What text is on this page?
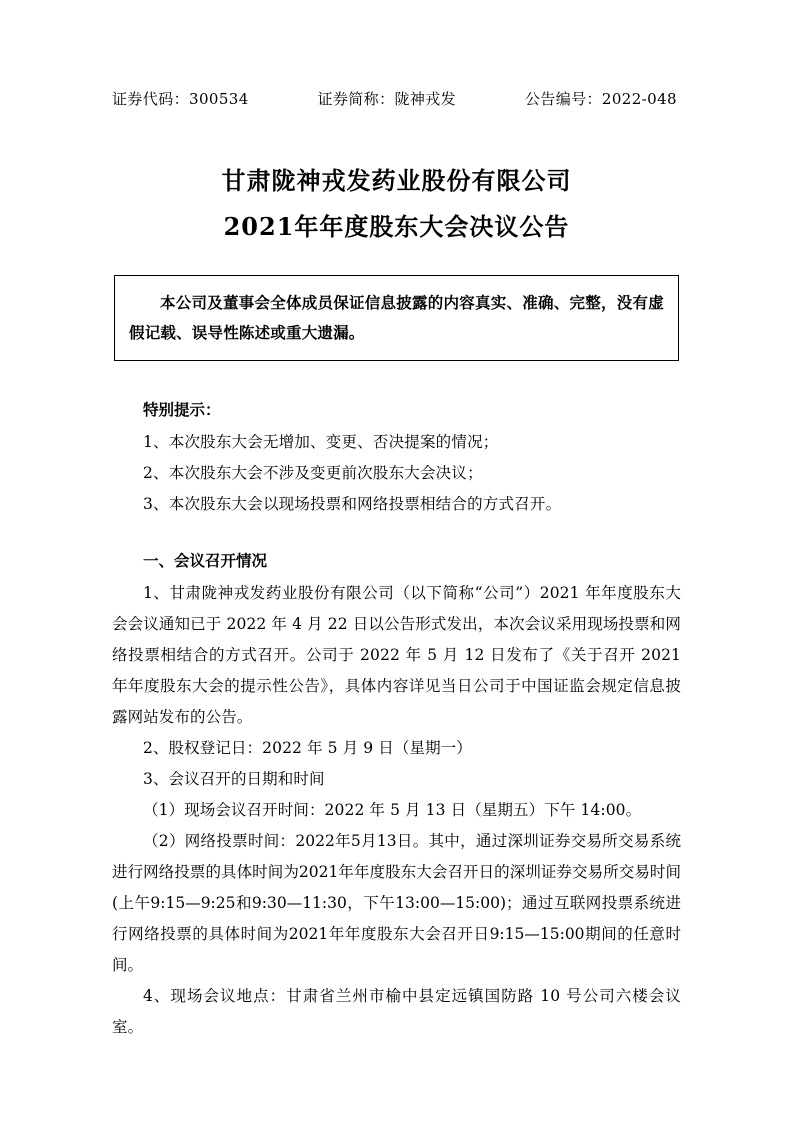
证券代码：300534	证券简称：陇神戎发	公告编号：2022-048
甘肃陇神戎发药业股份有限公司
2021年年度股东大会决议公告

本公司及董事会全体成员保证信息披露的内容真实、准确、完整，没有虚假记载、误导性陈述或重大遗漏。

特别提示：

1、本次股东大会无增加、变更、否决提案的情况；

2、本次股东大会不涉及变更前次股东大会决议；

3、本次股东大会以现场投票和网络投票相结合的方式召开。

一、会议召开情况

1、甘肃陇神戎发药业股份有限公司（以下简称“公司”）2021 年年度股东大会会议通知已于 2022 年 4 月 22 日以公告形式发出，本次会议采用现场投票和网络投票相结合的方式召开。公司于 2022 年 5 月 12 日发布了《关于召开 2021 年年度股东大会的提示性公告》，具体内容详见当日公司于中国证监会规定信息披露网站发布的公告。

2、股权登记日：2022 年 5 月 9 日（星期一）

3、会议召开的日期和时间

（1）现场会议召开时间：2022 年 5 月 13 日（星期五）下午 14:00。

（2）网络投票时间：2022年5月13日。其中，通过深圳证券交易所交易系统进行网络投票的具体时间为2021年年度股东大会召开日的深圳证券交易所交易时间(上午9:15—9:25和9:30—11:30，下午13:00—15:00)；通过互联网投票系统进行网络投票的具体时间为2021年年度股东大会召开日9:15—15:00期间的任意时间。

4、现场会议地点：甘肃省兰州市榆中县定远镇国防路 10 号公司六楼会议室。
